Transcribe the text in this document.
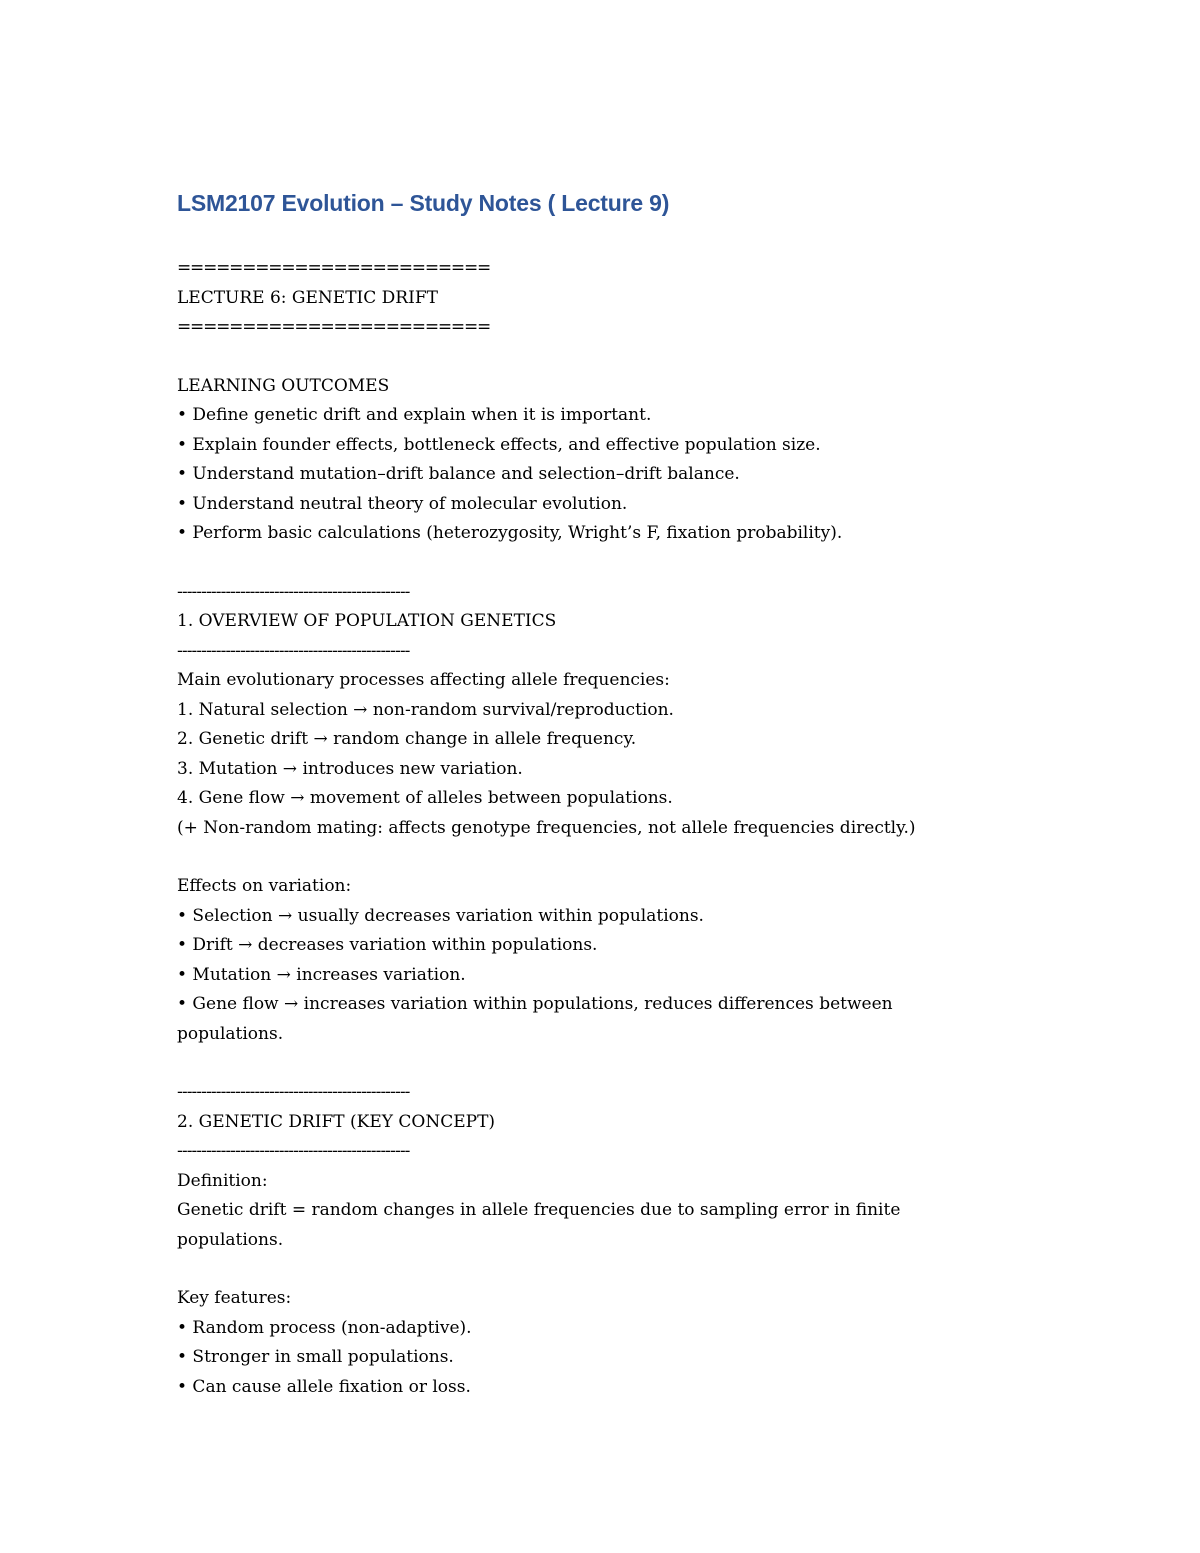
LSM2107 Evolution – Study Notes ( Lecture 9)
========================
LECTURE 6: GENETIC DRIFT
========================
LEARNING OUTCOMES
• Define genetic drift and explain when it is important.
• Explain founder effects, bottleneck effects, and effective population size.
• Understand mutation–drift balance and selection–drift balance.
• Understand neutral theory of molecular evolution.
• Perform basic calculations (heterozygosity, Wright’s F, fixation probability).
------------------------------------------------
1. OVERVIEW OF POPULATION GENETICS
------------------------------------------------
Main evolutionary processes affecting allele frequencies:
1. Natural selection → non-random survival/reproduction.
2. Genetic drift → random change in allele frequency.
3. Mutation → introduces new variation.
4. Gene flow → movement of alleles between populations.
(+ Non-random mating: affects genotype frequencies, not allele frequencies directly.)
Effects on variation:
• Selection → usually decreases variation within populations.
• Drift → decreases variation within populations.
• Mutation → increases variation.
• Gene flow → increases variation within populations, reduces differences between
populations.
------------------------------------------------
2. GENETIC DRIFT (KEY CONCEPT)
------------------------------------------------
Definition:
Genetic drift = random changes in allele frequencies due to sampling error in finite
populations.
Key features:
• Random process (non-adaptive).
• Stronger in small populations.
• Can cause allele fixation or loss.
